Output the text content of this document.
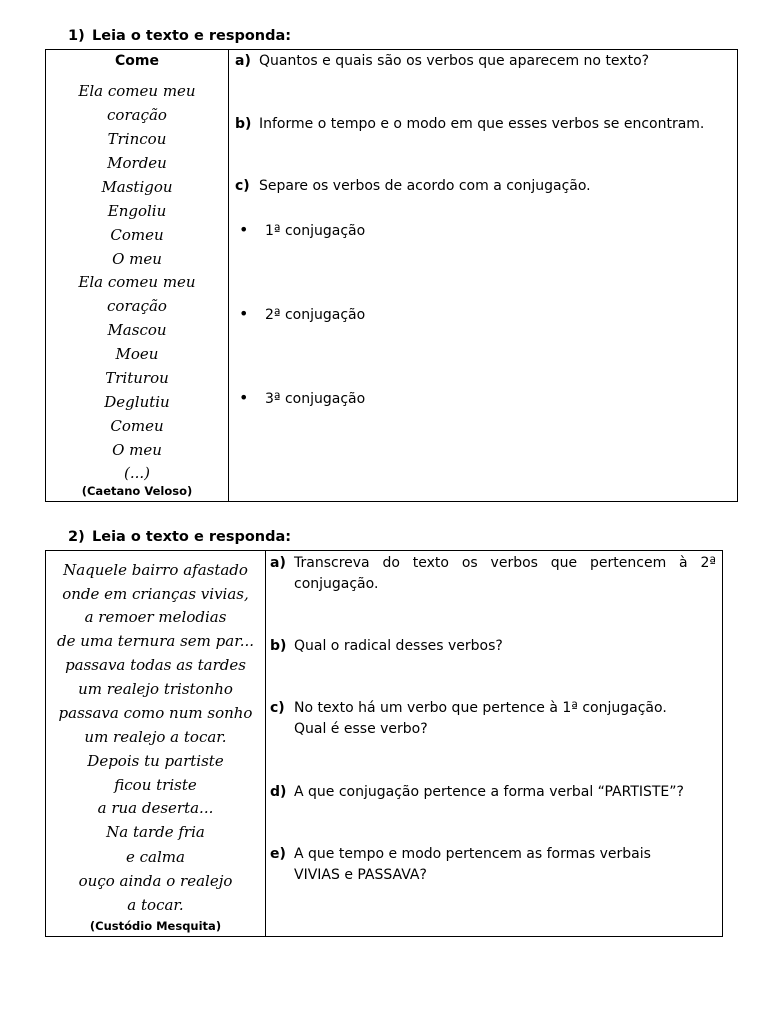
1) Leia o texto e responda:
Come
Ela comeu meu
coração
Trincou
Mordeu
Mastigou
Engoliu
Comeu
O meu
Ela comeu meu
coração
Mascou
Moeu
Triturou
Deglutiu
Comeu
O meu
(...)
(Caetano Veloso)
a) Quantos e quais são os verbos que aparecem no texto?
b) Informe o tempo e o modo em que esses verbos se encontram.
c) Separe os verbos de acordo com a conjugação.
• 1ª conjugação
• 2ª conjugação
• 3ª conjugação
2) Leia o texto e responda:
Naquele bairro afastado
onde em crianças vivias,
a remoer melodias
de uma ternura sem par...
passava todas as tardes
um realejo tristonho
passava como num sonho
um realejo a tocar.
Depois tu partiste
ficou triste
a rua deserta...
Na tarde fria
e calma
ouço ainda o realejo
a tocar.
(Custódio Mesquita)
a) Transcreva do texto os verbos que pertencem à 2ª conjugação.
b) Qual o radical desses verbos?
c) No texto há um verbo que pertence à 1ª conjugação. Qual é esse verbo?
d) A que conjugação pertence a forma verbal “PARTISTE”?
e) A que tempo e modo pertencem as formas verbais VIVIAS e PASSAVA?
